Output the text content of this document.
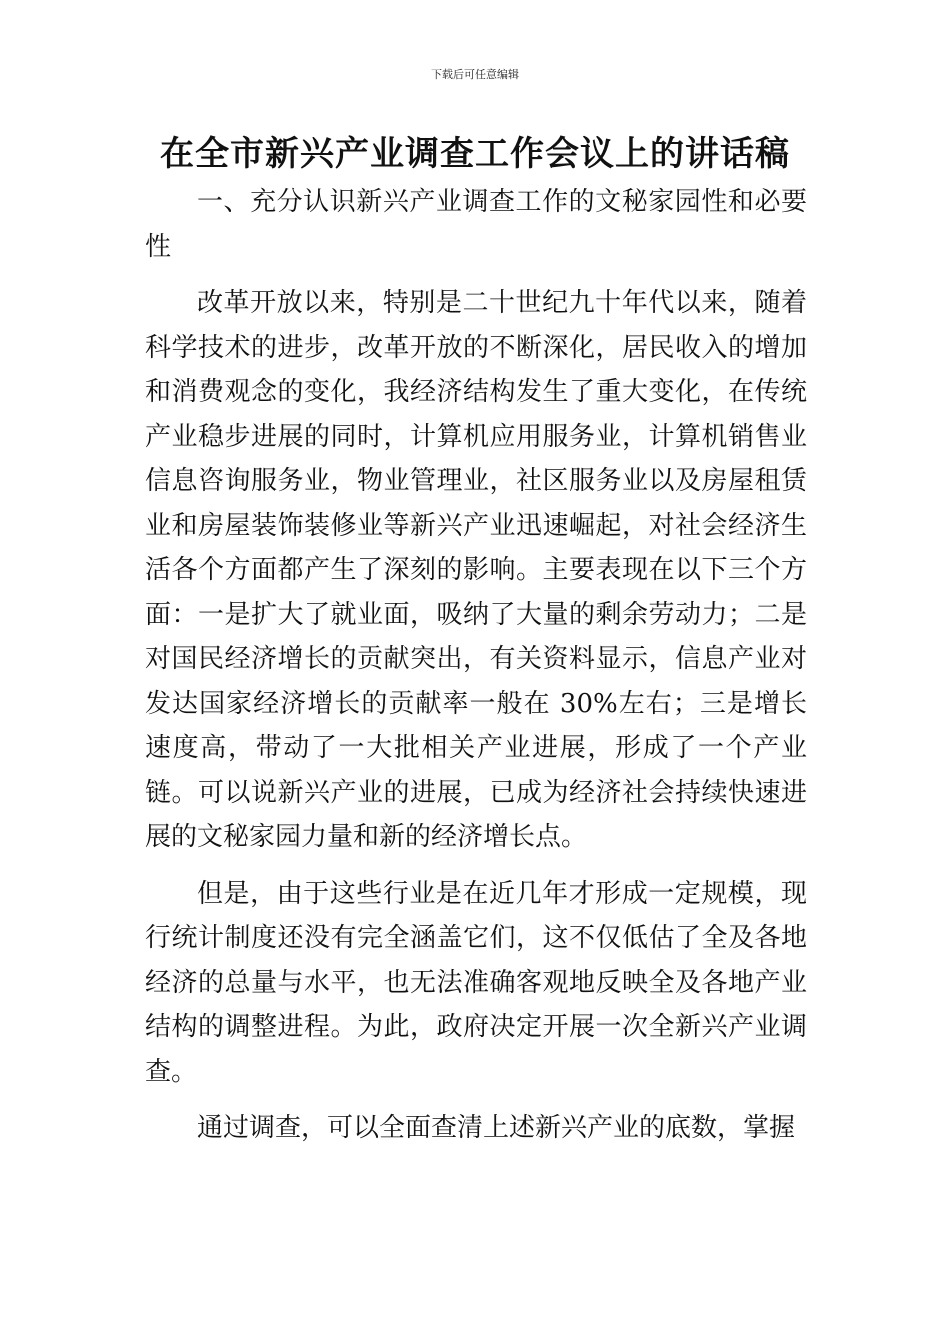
下载后可任意编辑
在全市新兴产业调查工作会议上的讲话稿

一、充分认识新兴产业调查工作的文秘家园性和必要性

改革开放以来，特别是二十世纪九十年代以来，随着科学技术的进步，改革开放的不断深化，居民收入的增加和消费观念的变化，我经济结构发生了重大变化，在传统产业稳步进展的同时，计算机应用服务业，计算机销售业信息咨询服务业，物业管理业，社区服务业以及房屋租赁业和房屋装饰装修业等新兴产业迅速崛起，对社会经济生活各个方面都产生了深刻的影响。主要表现在以下三个方面：一是扩大了就业面，吸纳了大量的剩余劳动力；二是对国民经济增长的贡献突出，有关资料显示，信息产业对发达国家经济增长的贡献率一般在 30%左右；三是增长速度高，带动了一大批相关产业进展，形成了一个产业链。可以说新兴产业的进展，已成为经济社会持续快速进展的文秘家园力量和新的经济增长点。

但是，由于这些行业是在近几年才形成一定规模，现行统计制度还没有完全涵盖它们，这不仅低估了全及各地经济的总量与水平，也无法准确客观地反映全及各地产业结构的调整进程。为此，政府决定开展一次全新兴产业调查。

通过调查，可以全面查清上述新兴产业的底数，掌握
